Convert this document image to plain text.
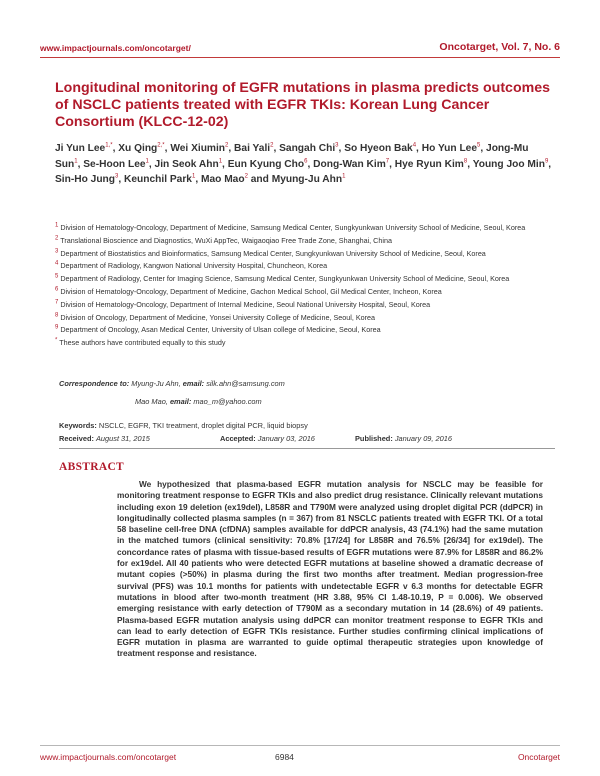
www.impactjournals.com/oncotarget/	Oncotarget, Vol. 7, No. 6
Longitudinal monitoring of EGFR mutations in plasma predicts outcomes of NSCLC patients treated with EGFR TKIs: Korean Lung Cancer Consortium (KLCC-12-02)
Ji Yun Lee$^{1,*}$, Xu Qing$^{2,*}$, Wei Xiumin$^2$, Bai Yali$^2$, Sangah Chi$^3$, So Hyeon Bak$^4$, Ho Yun Lee$^5$, Jong-Mu Sun$^1$, Se-Hoon Lee$^1$, Jin Seok Ahn$^1$, Eun Kyung Cho$^6$, Dong-Wan Kim$^7$, Hye Ryun Kim$^8$, Young Joo Min$^9$, Sin-Ho Jung$^3$, Keunchil Park$^1$, Mao Mao$^2$ and Myung-Ju Ahn$^1$
$^1$ Division of Hematology-Oncology, Department of Medicine, Samsung Medical Center, Sungkyunkwan University School of Medicine, Seoul, Korea
$^2$ Translational Bioscience and Diagnostics, WuXi AppTec, Waigaoqiao Free Trade Zone, Shanghai, China
$^3$ Department of Biostatistics and Bioinformatics, Samsung Medical Center, Sungkyunkwan University School of Medicine, Seoul, Korea
$^4$ Department of Radiology, Kangwon National University Hospital, Chuncheon, Korea
$^5$ Department of Radiology, Center for Imaging Science, Samsung Medical Center, Sungkyunkwan University School of Medicine, Seoul, Korea
$^6$ Division of Hematology-Oncology, Department of Medicine, Gachon Medical School, Gil Medical Center, Incheon, Korea
$^7$ Division of Hematology-Oncology, Department of Internal Medicine, Seoul National University Hospital, Seoul, Korea
$^8$ Division of Oncology, Department of Medicine, Yonsei University College of Medicine, Seoul, Korea
$^9$ Department of Oncology, Asan Medical Center, University of Ulsan college of Medicine, Seoul, Korea
* These authors have contributed equally to this study
Correspondence to: Myung-Ju Ahn, email: silk.ahn@samsung.com
Mao Mao, email: mao_m@yahoo.com
Keywords: NSCLC, EGFR, TKI treatment, droplet digital PCR, liquid biopsy
Received: August 31, 2015	Accepted: January 03, 2016	Published: January 09, 2016
ABSTRACT
We hypothesized that plasma-based EGFR mutation analysis for NSCLC may be feasible for monitoring treatment response to EGFR TKIs and also predict drug resistance. Clinically relevant mutations including exon 19 deletion (ex19del), L858R and T790M were analyzed using droplet digital PCR (ddPCR) in longitudinally collected plasma samples (n = 367) from 81 NSCLC patients treated with EGFR TKI. Of a total 58 baseline cell-free DNA (cfDNA) samples available for ddPCR analysis, 43 (74.1%) had the same mutation in the matched tumors (clinical sensitivity: 70.8% [17/24] for L858R and 76.5% [26/34] for ex19del). The concordance rates of plasma with tissue-based results of EGFR mutations were 87.9% for L858R and 86.2% for ex19del. All 40 patients who were detected EGFR mutations at baseline showed a dramatic decrease of mutant copies (>50%) in plasma during the first two months after treatment. Median progression-free survival (PFS) was 10.1 months for patients with undetectable EGFR v 6.3 months for detectable EGFR mutations in blood after two-month treatment (HR 3.88, 95% CI 1.48-10.19, P = 0.006). We observed emerging resistance with early detection of T790M as a secondary mutation in 14 (28.6%) of 49 patients. Plasma-based EGFR mutation analysis using ddPCR can monitor treatment response to EGFR TKIs and can lead to early detection of EGFR TKIs resistance. Further studies confirming clinical implications of EGFR mutation in plasma are warranted to guide optimal therapeutic strategies upon knowledge of treatment response and resistance.
www.impactjournals.com/oncotarget	6984	Oncotarget
